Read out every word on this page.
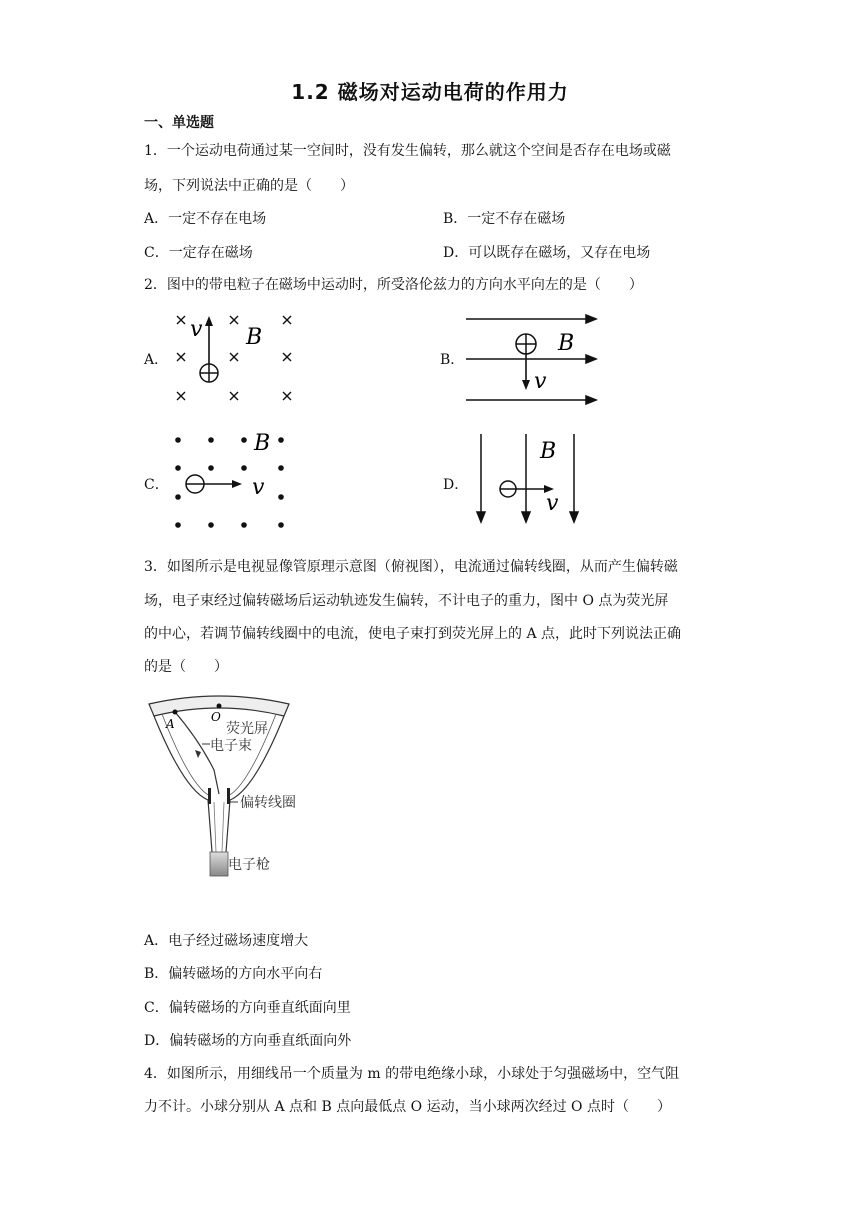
1.2 磁场对运动电荷的作用力
一、单选题
1．一个运动电荷通过某一空间时，没有发生偏转，那么就这个空间是否存在电场或磁
场，下列说法中正确的是（　　）
A．一定不存在电场	B．一定不存在磁场
C．一定存在磁场	D．可以既存在磁场，又存在电场
2．图中的带电粒子在磁场中运动时，所受洛伦兹力的方向水平向左的是（　　）
A．
v B
B．
B
v
C．
B
v	D．
B
v
3．如图所示是电视显像管原理示意图（俯视图），电流通过偏转线圈，从而产生偏转磁
场，电子束经过偏转磁场后运动轨迹发生偏转，不计电子的重力，图中 O 点为荧光屏
的中心，若调节偏转线圈中的电流，使电子束打到荧光屏上的 A 点，此时下列说法正确
的是（　　）
A	O
荧光屏
电子束
偏转线圈
电子枪
A．电子经过磁场速度增大
B．偏转磁场的方向水平向右
C．偏转磁场的方向垂直纸面向里
D．偏转磁场的方向垂直纸面向外
4．如图所示，用细线吊一个质量为 m 的带电绝缘小球，小球处于匀强磁场中，空气阻
力不计。小球分别从 A 点和 B 点向最低点 O 运动，当小球两次经过 O 点时（　　）
